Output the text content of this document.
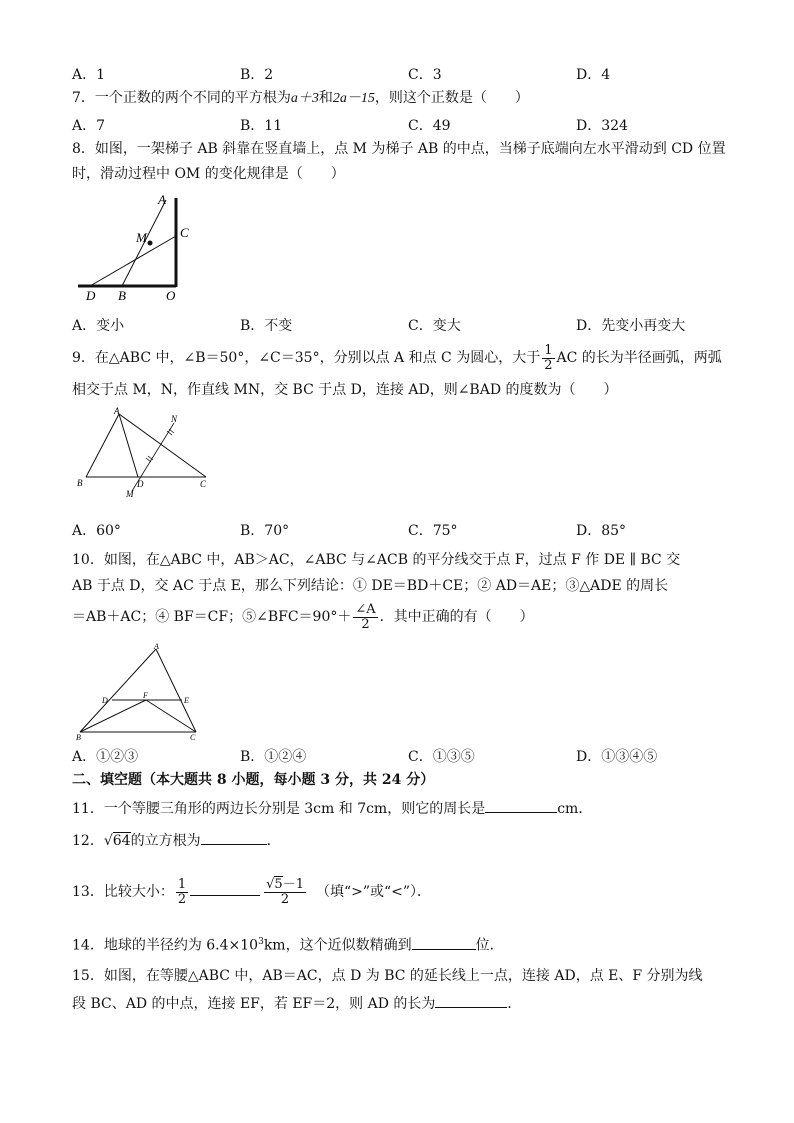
A．1	B．2	C．3	D．4
7．一个正数的两个不同的平方根为a＋3和2a－15，则这个正数是（　　）
A．7	B．11	C．49	D．324
8．如图，一架梯子 AB 斜靠在竖直墙上，点 M 为梯子 AB 的中点，当梯子底端向左水平滑动到 CD 位置
时，滑动过程中 OM 的变化规律是（　　）
A
C
M
D B	O
A．变小	B．不变	C．变大	D．先变小再变大
9．在△ABC 中，∠B＝50°，∠C＝35°，分别以点 A 和点 C 为圆心，大于 $\frac{1}{2}$ AC 的长为半径画弧，两弧
相交于点 M，N，作直线 MN，交 BC 于点 D，连接 AD，则∠BAD 的度数为（　　）
A
N
B	D	C
M
A．60°	B．70°	C．75°	D．85°
10．如图，在△ABC 中，AB＞AC，∠ABC 与∠ACB 的平分线交于点 F，过点 F 作 DE ∥ BC 交
AB 于点 D，交 AC 于点 E，那么下列结论：① DE＝BD＋CE；② AD＝AE；③△ADE 的周长
＝AB＋AC；④ BF＝CF；⑤∠BFC＝90°＋ $\frac{\angle A}{2}$ ．其中正确的有（　　）
A
D
F
E
B	C
A．①②③	B．①②④	C．①③⑤	D．①③④⑤
二、填空题（本大题共 8 小题，每小题 3 分，共 24 分）
11．一个等腰三角形的两边长分别是 3cm 和 7cm，则它的周长是	cm．
12．√64的立方根为	．
13．比较大小： $\frac{1}{2}$	$\frac{√5-1}{2}$ （填“>”或“<”）．
14．地球的半径约为 $6.4\times 10^3km$，这个近似数精确到	位．
15．如图，在等腰△ABC 中，AB＝AC，点 D 为 BC 的延长线上一点，连接 AD，点 E、F 分别为线
段 BC、AD 的中点，连接 EF，若 EF＝2，则 AD 的长为	．
